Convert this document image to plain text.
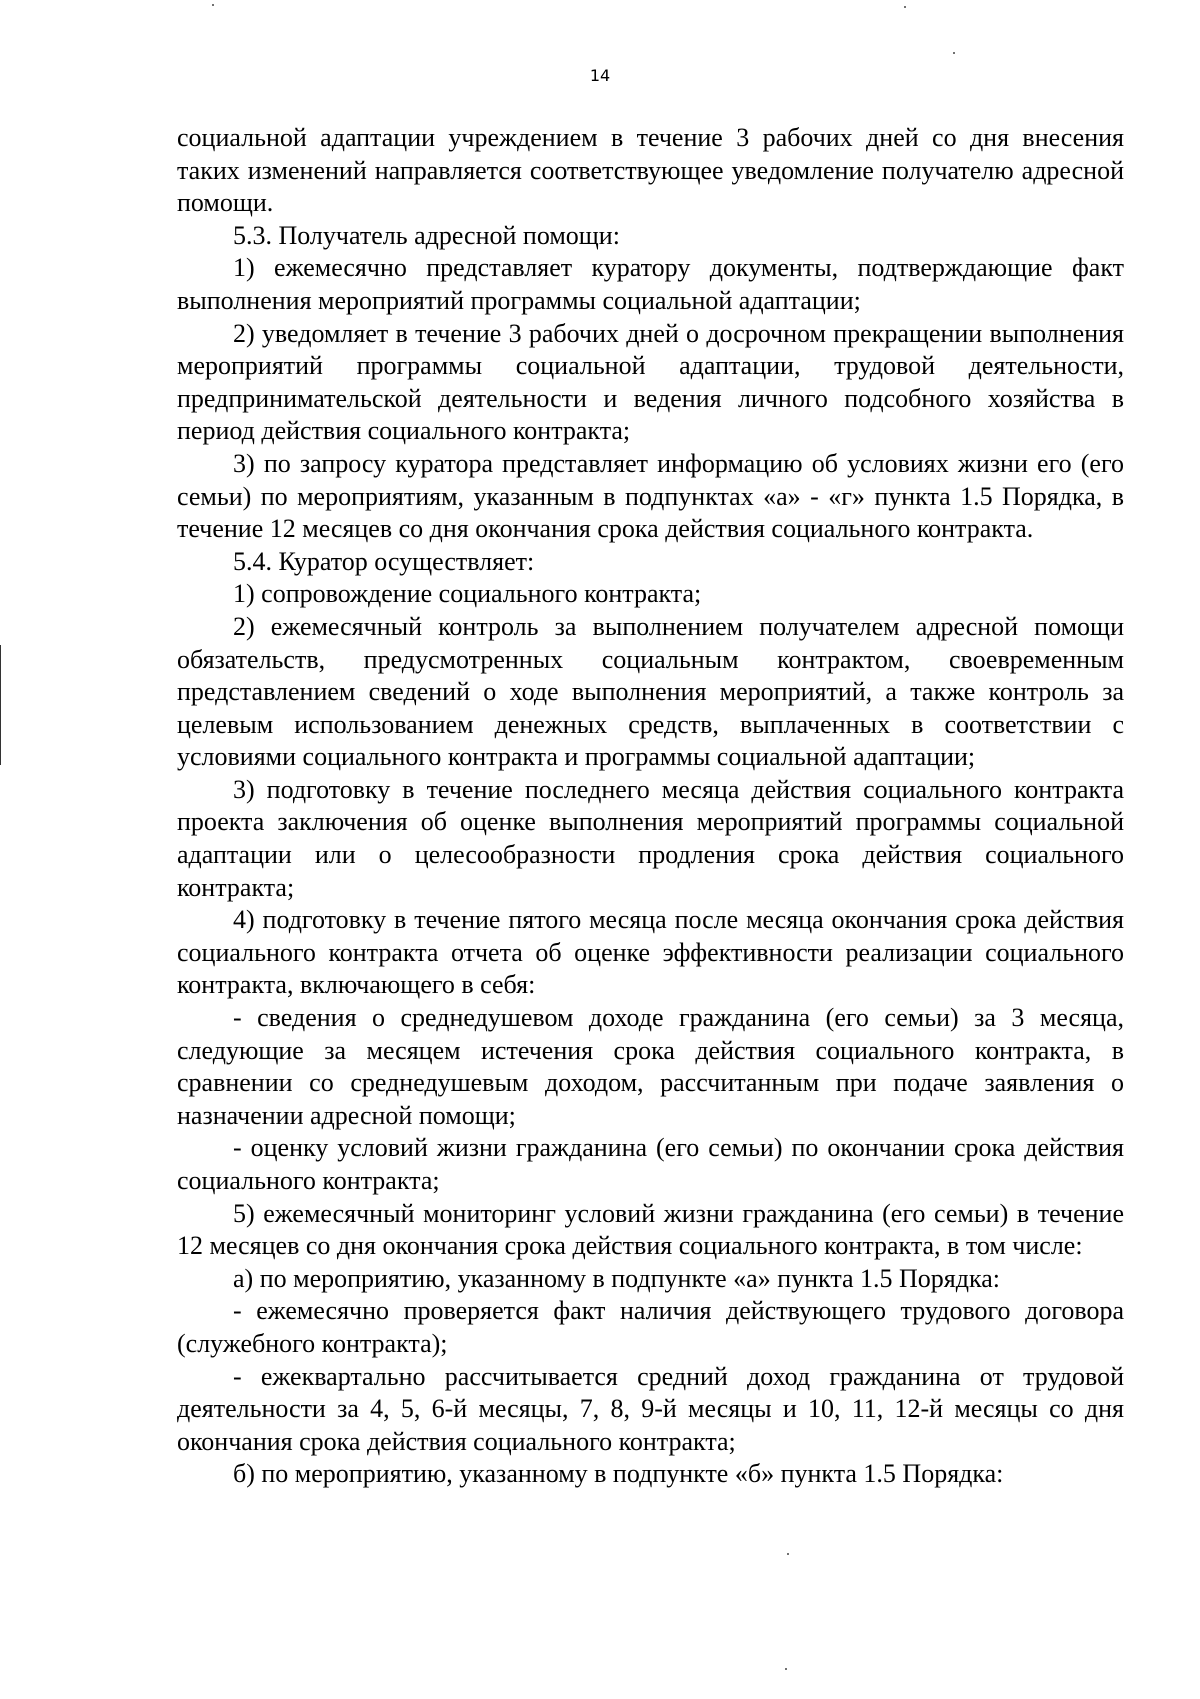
14

социальной адаптации учреждением в течение 3 рабочих дней со дня внесения таких изменений направляется соответствующее уведомление получателю адресной помощи.

5.3. Получатель адресной помощи:

1) ежемесячно представляет куратору документы, подтверждающие факт выполнения мероприятий программы социальной адаптации;

2) уведомляет в течение 3 рабочих дней о досрочном прекращении выполнения мероприятий программы социальной адаптации, трудовой деятельности, предпринимательской деятельности и ведения личного подсобного хозяйства в период действия социального контракта;

3) по запросу куратора представляет информацию об условиях жизни его (его семьи) по мероприятиям, указанным в подпунктах «а» - «г» пункта 1.5 Порядка, в течение 12 месяцев со дня окончания срока действия социального контракта.

5.4. Куратор осуществляет:

1) сопровождение социального контракта;

2) ежемесячный контроль за выполнением получателем адресной помощи обязательств, предусмотренных социальным контрактом, своевременным представлением сведений о ходе выполнения мероприятий, а также контроль за целевым использованием денежных средств, выплаченных в соответствии с условиями социального контракта и программы социальной адаптации;

3) подготовку в течение последнего месяца действия социального контракта проекта заключения об оценке выполнения мероприятий программы социальной адаптации или о целесообразности продления срока действия социального контракта;

4) подготовку в течение пятого месяца после месяца окончания срока действия социального контракта отчета об оценке эффективности реализации социального контракта, включающего в себя:

- сведения о среднедушевом доходе гражданина (его семьи) за 3 месяца, следующие за месяцем истечения срока действия социального контракта, в сравнении со среднедушевым доходом, рассчитанным при подаче заявления о назначении адресной помощи;

- оценку условий жизни гражданина (его семьи) по окончании срока действия социального контракта;

5) ежемесячный мониторинг условий жизни гражданина (его семьи) в течение 12 месяцев со дня окончания срока действия социального контракта, в том числе:

а) по мероприятию, указанному в подпункте «а» пункта 1.5 Порядка:

- ежемесячно проверяется факт наличия действующего трудового договора (служебного контракта);

- ежеквартально рассчитывается средний доход гражданина от трудовой деятельности за 4, 5, 6-й месяцы, 7, 8, 9-й месяцы и 10, 11, 12-й месяцы со дня окончания срока действия социального контракта;

б) по мероприятию, указанному в подпункте «б» пункта 1.5 Порядка:
